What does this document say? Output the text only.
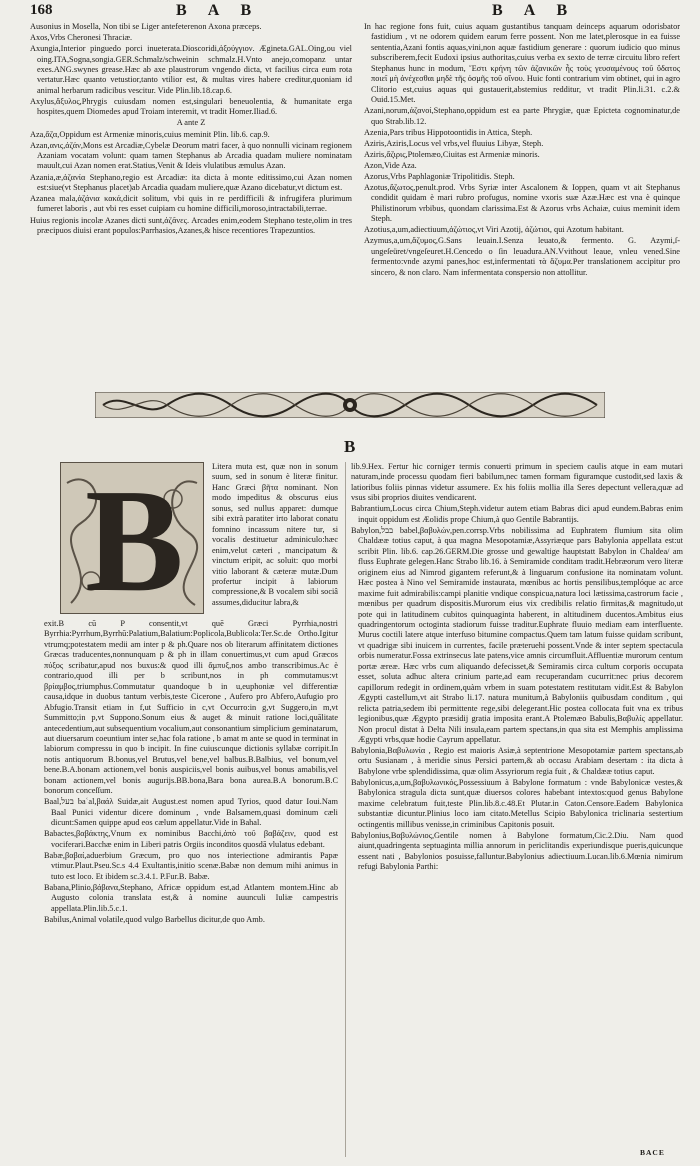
168	B A B	B A B

Ausonius in Mosella, Non tibi se Liger antefeterenon Axona præceps.

Axos,Vrbs Cheronesi Thraciæ.

Axungia,Interior pinguedo porci inueterata.Dioscoridi,ἀξούγγιον. Ægineta.GAL.Oing,ou viel oing.ITA,Sogna,songia.GER.Schmalz/schweinin schmalz.H.Vnto anejo,comopanz untar exes.ANG.swynes grease.Hæc ab axe plaustrorum vngendo dicta, vt facilius circa eum rota vertatur.Hæc quanto vetustior,tanto vtilior est, & multas vires habere creditur,quoniam id animal herbarum radicibus vescitur. Vide Plin.lib.18.cap.6.

Axylus,ἄξυλος,Phrygis cuiusdam nomen est,singulari beneuolentia, & humanitate erga hospites,quem Diomedes apud Troiam interemit, vt tradit Homer.Iliad.6.

A ante Z

Aza,ἄζα,Oppidum est Armeniæ minoris,cuius meminit Plin. lib.6. cap.9.

Azan,ανις,ἀζάν,Mons est Arcadiæ,Cybelæ Deorum matri facer, à quo nonnulli vicinam regionem Azaniam vocatam volunt: quam tamen Stephanus ab Arcadia quadam muliere nominatam mauult,cui Azan nomen erat.Statius,Venit & Ideis vlulatibus æmulus Azan.

Azania,æ,ἀζανία Stephano,regio est Arcadiæ: ita dicta à monte editissimo,cui Azan nomen est:siue(vt Stephanus placet)ab Arcadia quadam muliere,quæ Azano dicebatur,vt dictum est.

Azanea mala,ἀζάνια κακά,dicit solitum, vbi quis in re perdifficili & infrugifera plurimum fumeret laboris , aut vbi res esset cuipiam cu homine difficili,moroso,intractabili,terrae.

Huius regionis incolæ Azanes dicti sunt,ἀζᾶνες. Arcades enim,eodem Stephano teste,olim in tres præcipuos diuisi erant populos:Parrhasios,Azanes,& hisce recentiores Trapezuntios.

In hac regione fons fuit, cuius aquam gustantibus tanquam deinceps aquarum odorisbator fastidium , vt ne odorem quidem earum ferre possent. Non me latet,plerosque in ea fuisse sententia,Azani fontis aquas,vini,non aquæ fastidium generare : quorum iudicio quo minus subscriberem,fecit Eudoxi ipsius authoritas,cuius verba ex sexto de terræ circuitu libro refert Stephanus hunc in modum, Ἔστι κρήνη τῶν ἀζανικῶν ἧς τοὺς γευσαμένους τοῦ ὕδατος ποιεῖ μὴ ἀνέχεσθαι μηδὲ τῆς ὀσμῆς τοῦ οἴνου. Huic fonti contrarium vim obtinet, qui in agro Clitorio est,cuius aquas qui gustauerit,abstemius redditur, vt tradit Plin.li.31. c.2.& Ouid.15.Met.

Azani,norum,ἀζανοί,Stephano,oppidum est ea parte Phrygiæ, quæ Epicteta cognominatur,de quo Strab.lib.12.

Azenia,Pars tribus Hippotoontidis in Attica, Steph.

Aziris,Aziris,Locus vel vrbs,vel fluuius Libyæ, Steph.

Aziris,ἄζιρις,Ptolemæo,Ciuitas est Armeniæ minoris.

Azon,Vide Aza.

Azorus,Vrbs Paphlagoniæ Tripolitidis. Steph.

Azotus,ἄζωτος,penult.prod. Vrbs Syriæ inter Ascalonem & Ioppen, quam vt ait Stephanus condidit quidam è mari rubro profugus, nomine vxoris suæ Azæ.Hæc est vna è quinque Philistinorum vrbibus, quondam clarissima.Est & Azorus vrbs Achaiæ, cuius meminit idem Steph.

Azotius,a,um,adiectiuum,ἀζώτιος,vt Viri Azotij, ἀζώτιοι, qui Azotum habitant.

Azymus,a,um,ἄζυμος,G.Sans leuain.I.Senza leuato,& fermento. G. Azymi,ſ-ungeſeüret/vngeſeuret.H.Cencedo o ſin leuadura.AN.Vvithout leaue, vnleu vened.Sine fermento:vnde azymi panes,hoc est,infermentati τὰ ἄζυμα.Per translationem accipitur pro sincero, & non claro. Nam infermentata conspersio non attollitur.

B
B	Litera muta est, quæ non in sonum suum, sed in sonum è literæ finitur. Hanc Græci βῆτα nominant. Non modo impeditus & obscurus eius sonus, sed nullus apparet: dumque sibi extrà paratiter irto laborat conatu fomnino incassum nitere tur, si vocalis destituetur adminiculo:hæc enim,velut cæteri , mancipatum & vinctum eripit, ac soluit: quo morbi vitio laborant & cæteræ mutæ.Dum profertur incipit à labiorum compressione,& B vocalem sibi sociâ assumes,diducitur labra,&

exit.B cū P consentit,vt quē Græci Pyrrhia,nostri Byrrhia:Pyrrhum,Byrrhū:Palatium,Balatium:Poplicola,Bublicola:Ter.Sc.de Ortho.Igitur vtrumq;potestatem medii am inter p & ph.Quare nos ob literarum affinitatem dictiones Græcas traducentes,nonnunquam p & ph in illam conuertimus,vt cum apud Græcos πύξος scribatur,apud nos buxus:& quod illi ἄμπυξ,nos ambo transcribimus.Ac è contrario,quod illi per b scribunt,nos in ph commutamus:vt βρίαμβος,triumphus.Commutatur quandoque b in u,euphoniæ vel differentiæ causa,idque in duobus tantum verbis,teste Cicerone , Aufero pro Abfero,Aufugio pro Abfugio.Transit etiam in f,ut Sufficio in c,vt Occurro:in g,vt Suggero,in m,vt Summitto;in p,vt Suppono.Sonum eius & auget & minuit ratione loci,quālitate antecedentium,aut subsequentium vocalium,aut consonantium simplicium geminatarum, aut diuersarum coeuntium inter se,hac fola ratione , b amat m ante se quod in terminat in labiorum compressu in quo b incipit. In fine cuiuscunque dictionis syllabæ corripit.In notis antiquorum B.bonus,vel Brutus,vel bene,vel balbus.B.Balbius, vel bonum,vel bene.B.A.bonam actionem,vel bonis auspiciis,vel bonis auibus,vel bonus amabilis,vel bonam actionem,vel bonis augurijs.BB.bona,Bara bona aurea.B.A bonorum.B.C bonorum conceſſum.

Baal,בעל baʿal,βαάλ Suidæ,ait August.est nomen apud Tyrios, quod datur Ioui.Nam Baal Punici videntur dicere dominum , vnde Balsamem,quasi dominum cæli dicunt:Samen quippe apud eos cælum appellatur.Vide in Bahal.

Babactes,βαβάκτης,Vnum ex nominibus Bacchi,ἀπὸ τοῦ βαβάζειν, quod est vociferari.Bacchæ enim in Liberi patris Orgiis inconditos quosdā vlulatus edebant.

Babæ,βαβαί,aduerbium Græcum, pro quo nos interiectione admirantis Papæ vtimur.Plaut.Pseu.Sc.s 4.4 Exultantis,initio scenæ.Babæ non demum mihi animus in tuto est loco. Et ibidem sc.3.4.1. P.Fur.B. Babæ.

Babana,Plinio,βάβανα,Stephano, Africæ oppidum est,ad Atlantem montem.Hinc ab Augusto colonia translata est,& à nomine auunculi Iuliæ campestris appellata.Plin.lib.5.c.1.

Babilus,Animal volatile,quod vulgo Barbellus dicitur,de quo Amb.

lib.9.Hex. Fertur hic cornigeт termis conuerti primum in speciem caulis atque in eam mutari naturam,inde processu quodam fieri babilum,nec tamen formam figuramque custodit,sed laxis & latioribus foliis pinnas videtur assumere. Ex his foliis mollia illa Seres depectunt vellera,quæ ad vsus sibi proprios diuites vendicarent.

Babrantium,Locus circa Chium,Steph.videtur autem etiam Babras dici apud eundem.Babras enim inquit oppidum est Æolidis prope Chium,à quo Gentile Babrantijs.

Babylon,בבל babel,βαβυλών,pen.corrsp.Vrbs nobilissima ad Euphratem flumium sita olim Chaldææ totius caput, à qua magna Mesopotamiæ,Assyriæque pars Babylonia appellata est:ut scribit Plin. lib.6. cap.26.GERM.Die grosse und gewaltige hauptstatt Babylon in Chaldea/ am fluss Euphrate gelegen.Hanc Strabo lib.16. à Semiramide conditam tradit.Hebræorum vero literæ originem eius ad Nimrod gigantem referunt,& à linguarum confusione ita nominatam volunt. Hæc postea à Nino vel Semiramide instaurata, mœnibus ac hortis pensilibus,templóque ac arce maxime fuit admirabilis:campi planitie vndique conspicua,natura loci lætissima,castrorum facie , mœnibus per quadrum dispositis.Murorum eius vix credibilis relatio firmitas,& magnitudo,ut pote qui in latitudinem cubitos quinquaginta haberent, in altitudinem ducentos.Ambitus eius quadringentorum octoginta stadiorum fuisse traditur.Euphrate fluuio mediam eam interfluente. Murus coctili latere atque interfuso bitumine compactus.Quem tam latum fuisse quidam scribunt, vt quadrigæ sibi inuicem in currentes, facile præteruehi possent.Vnde & inter septem spectacula orbis numeratur.Fossa extrinsecus late patens,vice amnis circumfluit.Affluentiæ murorum centum portæ æreæ. Hæc vrbs cum aliquando defecisset,& Semiramis circa cultum corporis occupata esset, soluta adhuc altera crinium parte,ad eam recuperandam cucurrit:nec prius decorem capillorum redegit in ordinem,quàm vrbem in suam potestatem restitutam vidit.Est & Babylon Ægypti castellum,vt ait Strabo li.17. natura munitum,à Babyloniis quibusdam conditum , qui relicta patria,sedem ibi permittente rege,sibi delegerant.Hic postea collocata fuit vna ex tribus legionibus,quæ Ægypto præsidij gratia imposita erant.A Ptolemæo Babulis,Βαβυλίς appellatur. Non procul distat à Delta Nili insula,eam partem spectans,in qua sita est Memphis amplissima Ægypti vrbs,quæ hodie Cayrum appellatur.

Babylonia,Βαβυλωνία , Regio est maioris Asiæ,à septentrione Mesopotamiæ partem spectans,ab ortu Susianam , à meridie sinus Persici partem,& ab occasu Arabiam desertam : ita dicta à Babylone vrbe splendidissima, quæ olim Assyriorum regia fuit , & Chaldææ totius caput.

Babylonicus,a,um,βαβυλωνικός,Possessiuum à Babylone formatum : vnde Babylonicæ vestes,& Babylonica stragula dicta sunt,quæ diuersos colores habebant intextos:quod genus Babylone maxime celebratum fuit,teste Plin.lib.8.c.48.Et Plutar.in Caton.Censore.Eadem Babylonica substantiæ dicuntur.Plinius loco iam citato.Metellus Scipio Babylonica triclinaria sestertium octingentis millibus venisse,in criminibus Capitonis posuit.

Babylonius,Βαβυλώνιος,Gentile nomen à Babylone formatum,Cic.2.Diu. Nam quod aiunt,quadringenta septuaginta millia annorum in periclitandis experiundisque pueris,quicunque essent nati , Babylonios posuisse,falluntur.Babylonius adiectiuum.Lucan.lib.6.Mœnia nimirum refugi Babylonia Parthi:

BACE
